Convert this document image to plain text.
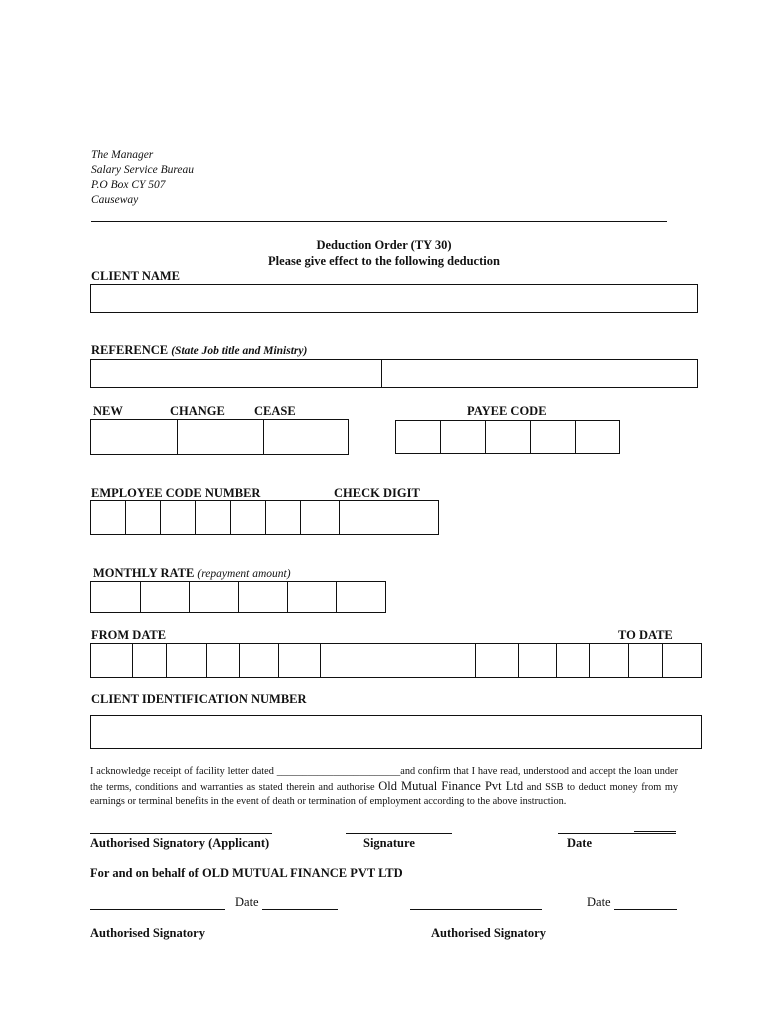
The Manager
Salary Service Bureau
P.O Box CY 507
Causeway
Deduction Order (TY 30)
Please give effect to the following deduction
CLIENT NAME
REFERENCE (State Job title and Ministry)
NEW	CHANGE CEASE	PAYEE CODE
EMPLOYEE CODE NUMBER	CHECK DIGIT
MONTHLY RATE (repayment amount)
FROM DATE	TO DATE
CLIENT IDENTIFICATION NUMBER
I acknowledge receipt of facility letter dated ________________________and confirm that I have read, understood and accept the loan under the terms, conditions and warranties as stated therein and authorise Old Mutual Finance Pvt Ltd and SSB to deduct money from my earnings or terminal benefits in the event of death or termination of employment according to the above instruction.
Authorised Signatory (Applicant)	Signature	Date
For and on behalf of OLD MUTUAL FINANCE PVT LTD
Date	Date
Authorised Signatory	Authorised Signatory
